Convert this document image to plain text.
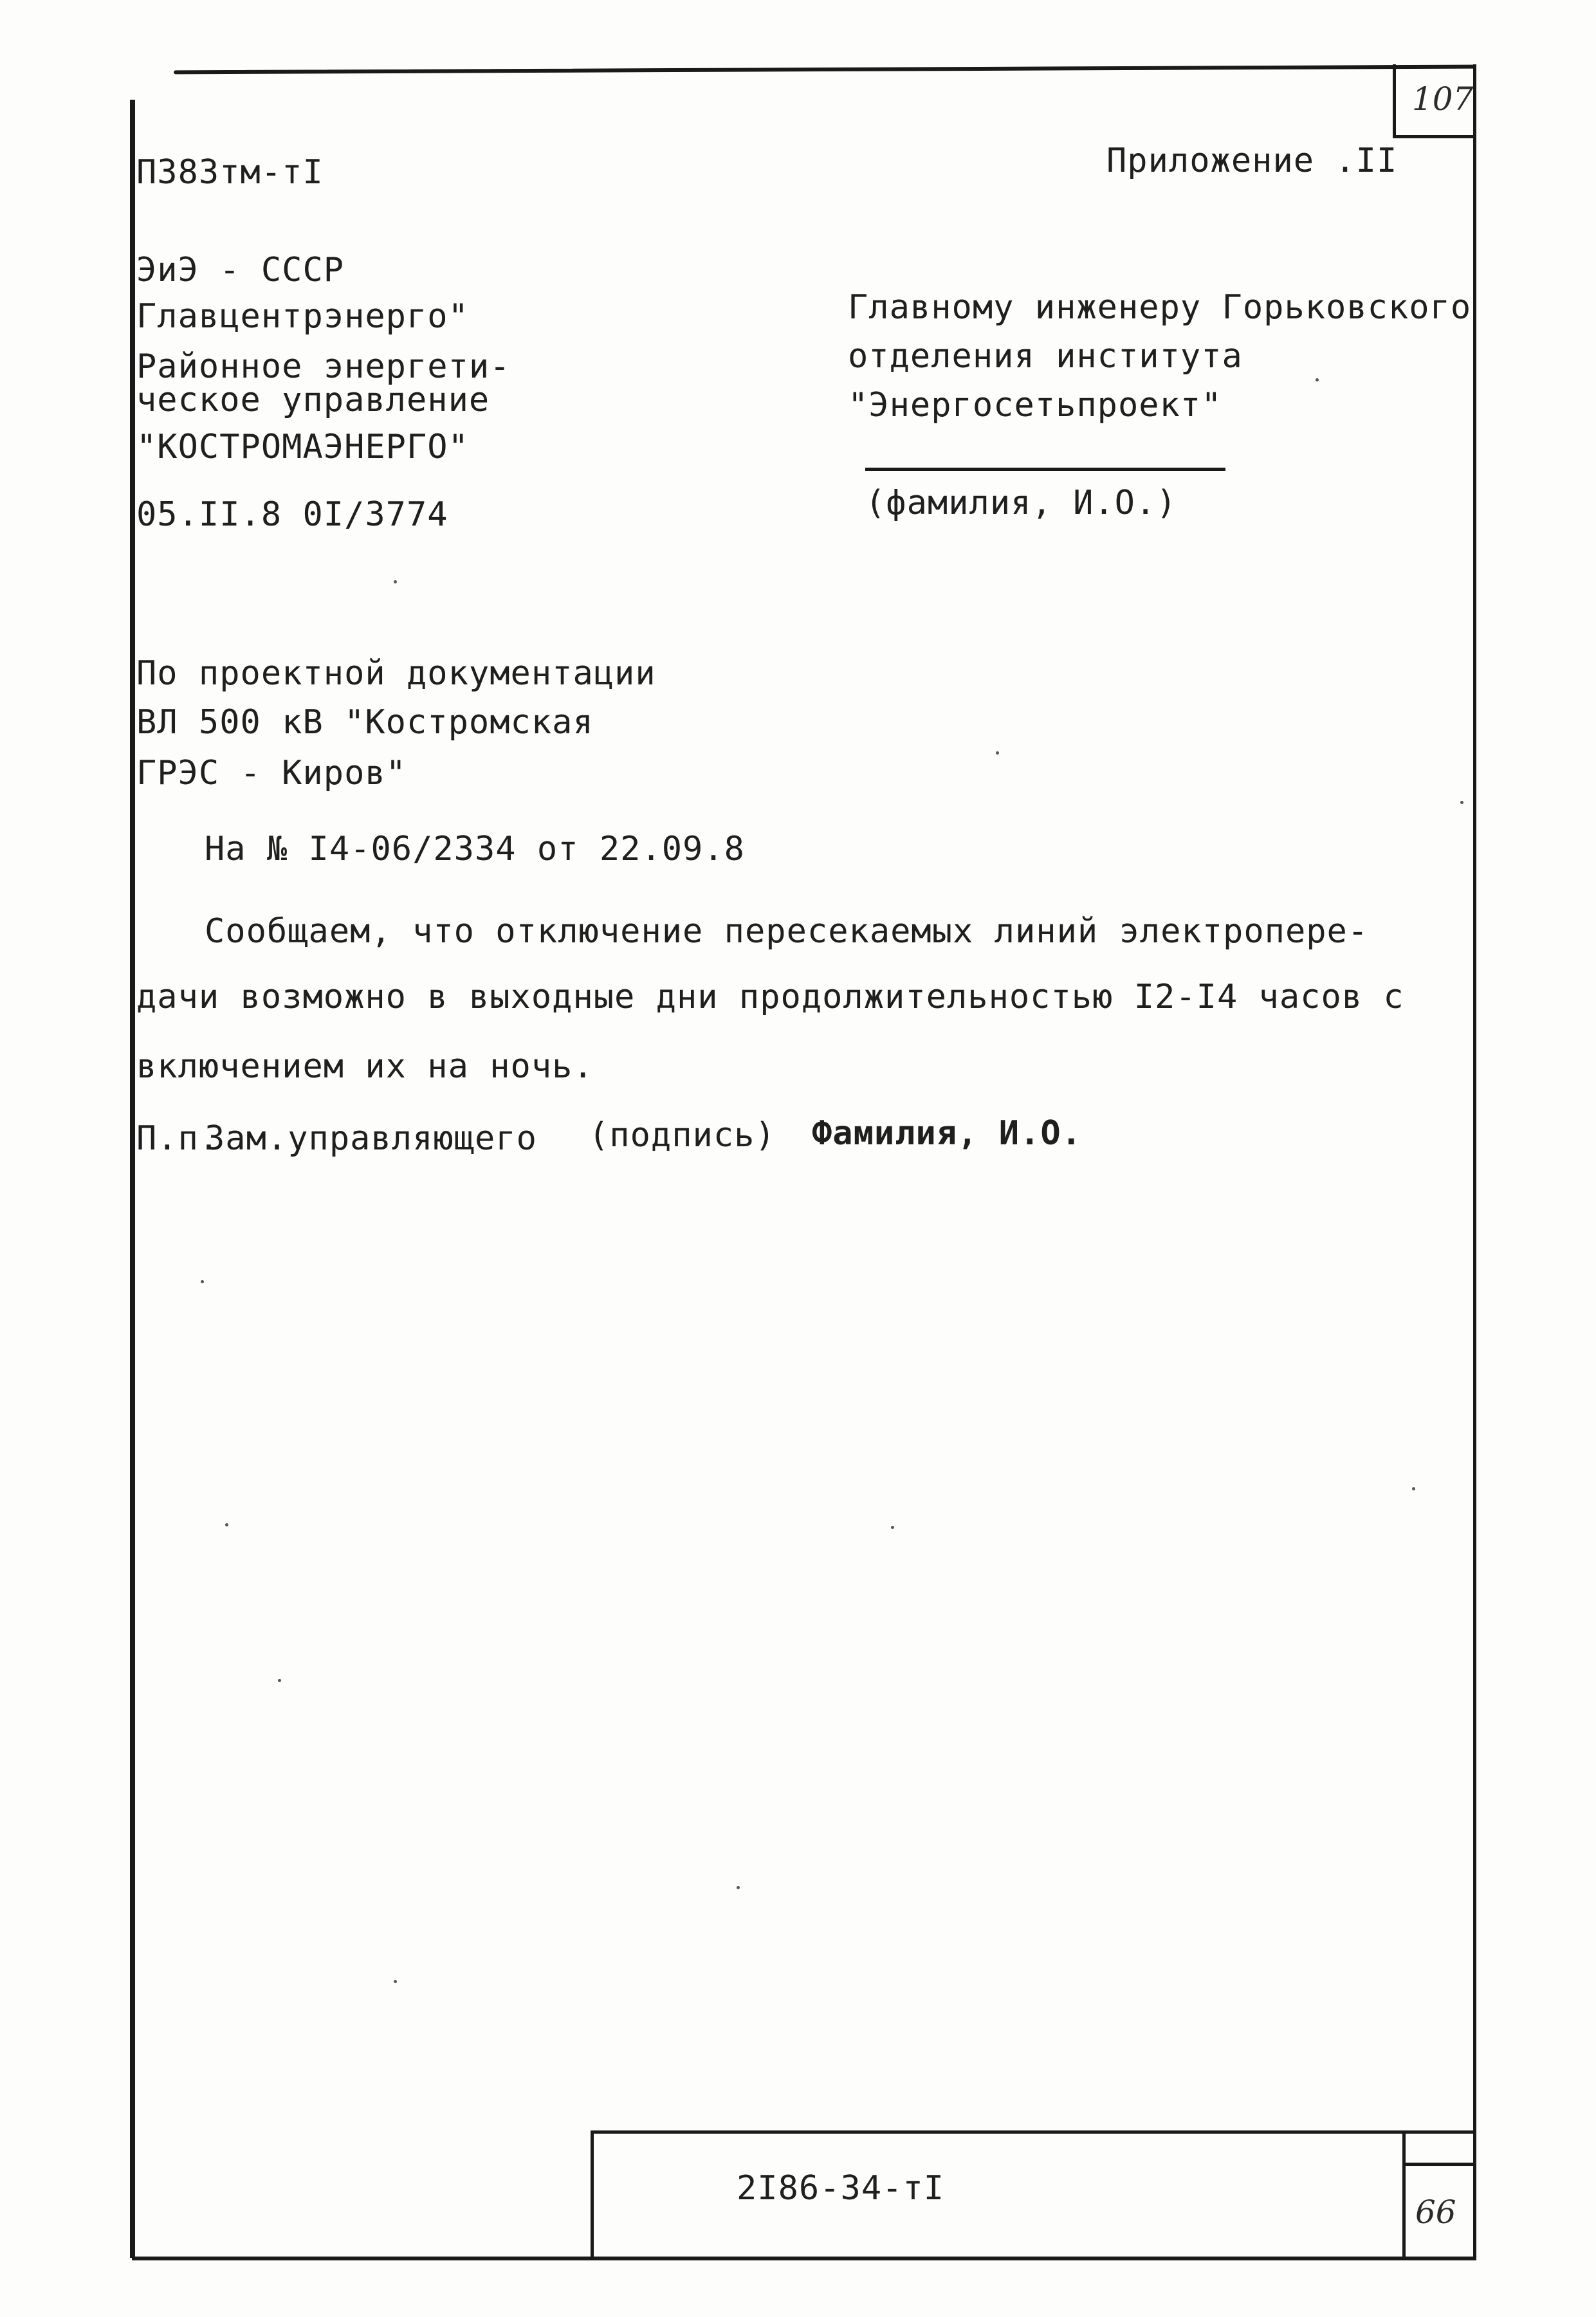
107
П383тм-тI	Приложение .II
ЭиЭ - СССР
Главцентрэнерго"
Районное энергети-
ческое управление
"КОСТРОМАЭНЕРГО"
05.II.8 0I/3774
Главному инженеру Горьковского
отделения института
"Энергосетьпроект"
(фамилия, И.О.)
По проектной документации
ВЛ 500 кВ "Костромская
ГРЭС - Киров"
На № I4-06/2334 от 22.09.8
Сообщаем, что отключение пересекаемых линий электропере-
дачи возможно в выходные дни продолжительностью I2-I4 часов с
включением их на ночь.
П.п.
Зам.управляющего (подпись) Фамилия, И.О.
2I86-34-тI
66
